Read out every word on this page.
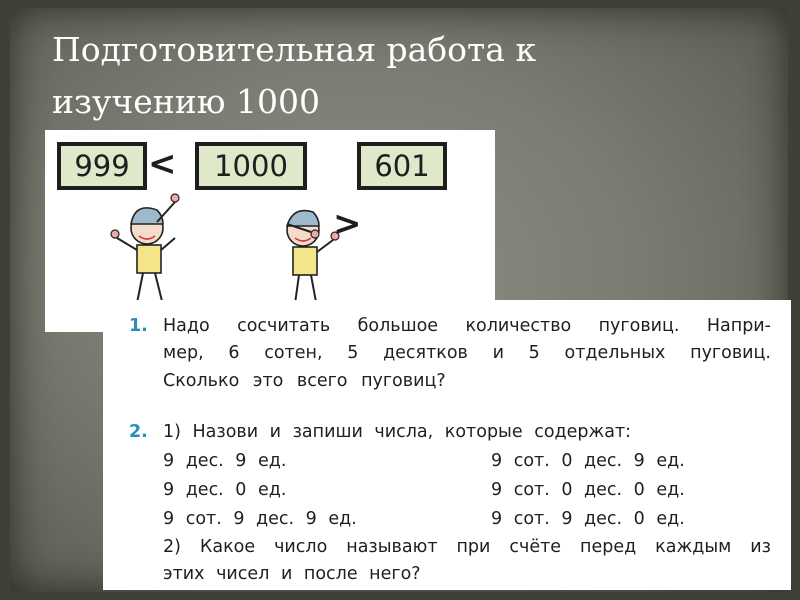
Подготовительная работа к
изучению 1000
999 <	1000	601
>
1. Надо сосчитать большое количество пуговиц. Напри-

мер, 6 сотен, 5 десятков и 5 отдельных пуговиц.

Сколько это всего пуговиц?

2. 1) Назови и запиши числа, которые содержат:

9 дес. 9 ед.

9 дес. 0 ед.

9 сот. 9 дес. 9 ед.

9 сот. 0 дес. 9 ед.

9 сот. 0 дес. 0 ед.

9 сот. 9 дес. 0 ед.

2) Какое число называют при счёте перед каждым из

этих чисел и после него?
